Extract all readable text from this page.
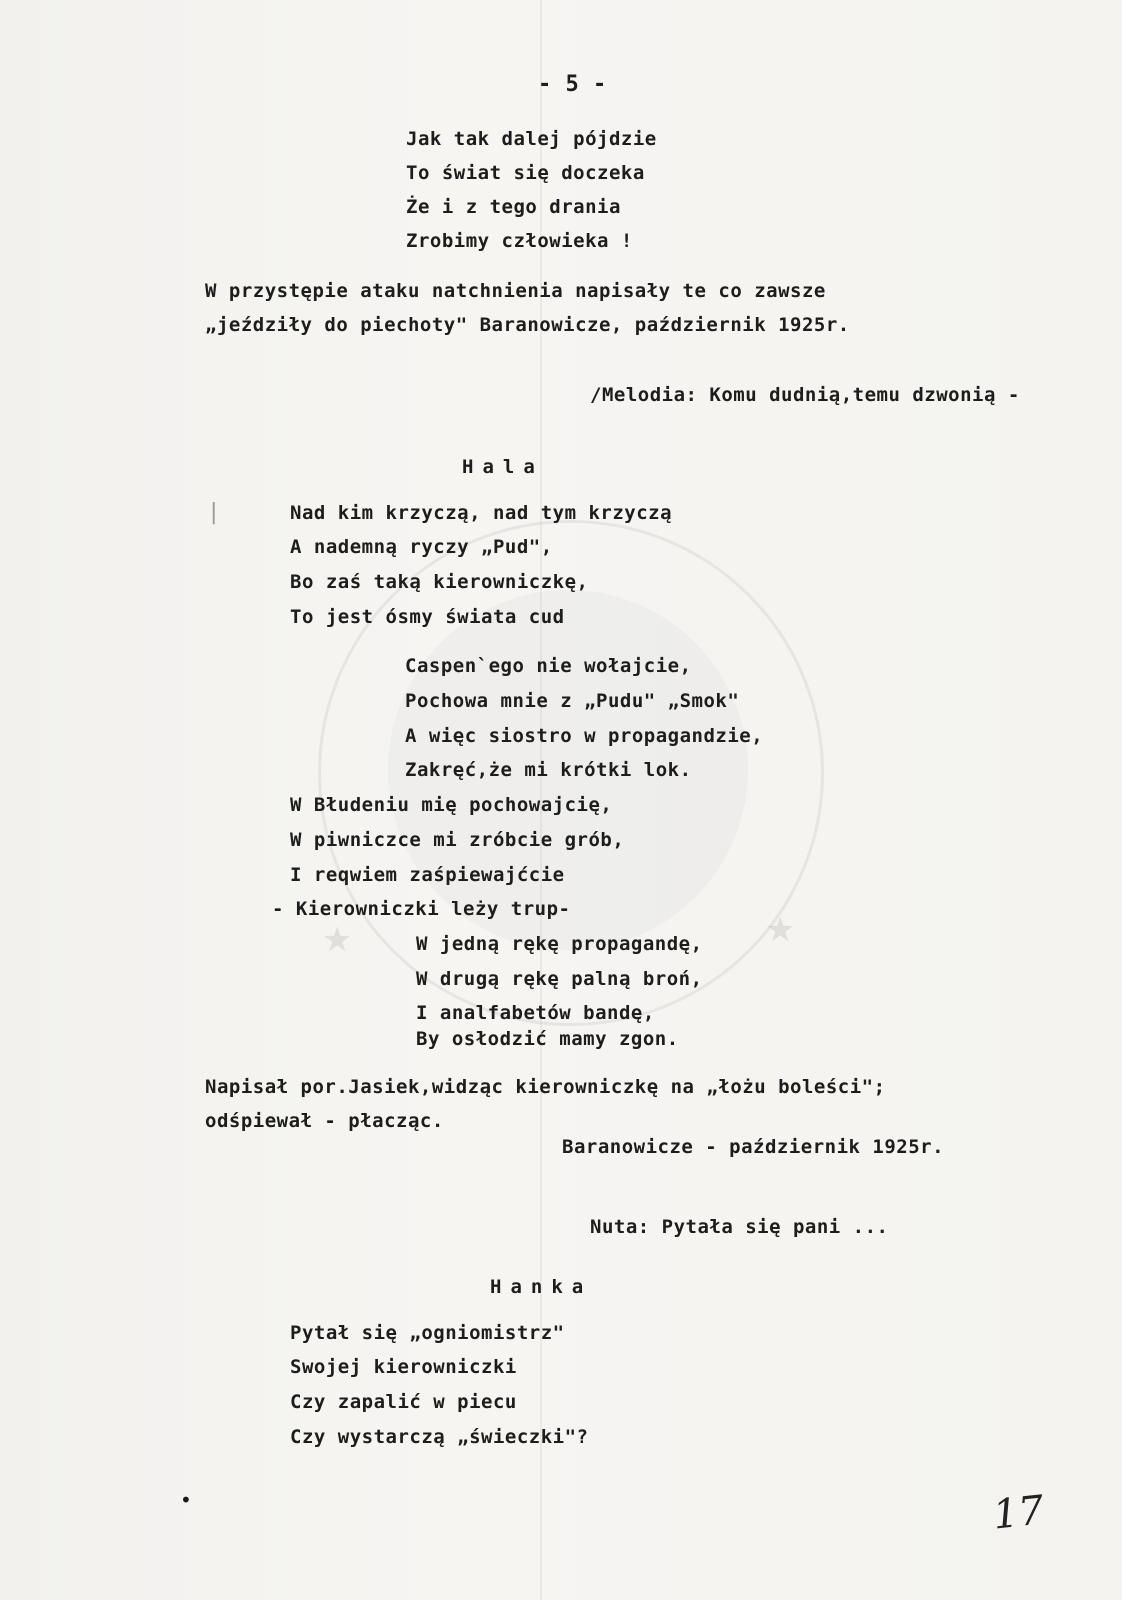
★	★
- 5 -
Jak tak dalej pójdzie
To świat się doczeka
Że i z tego drania
Zrobimy człowieka !
W przystępie ataku natchnienia napisały te co zawsze
„jeździły do piechoty" Baranowicze, październik 1925r.
/Melodia: Komu dudnią,temu dzwonią -
Hala
Nad kim krzyczą, nad tym krzyczą
A nademną ryczy „Pud",
Bo zaś taką kierowniczkę,
To jest ósmy świata cud
Caspen`ego nie wołajcie,
Pochowa mnie z „Pudu" „Smok"
A więc siostro w propagandzie,
Zakręć,że mi krótki lok.
W Błudeniu mię pochowajcię,
W piwniczce mi zróbcie grób,
I reqwiem zaśpiewajćcie
- Kierowniczki leży trup-
W jedną rękę propagandę,
W drugą rękę palną broń,
I analfabetów bandę,
By osłodzić mamy zgon.
Napisał por.Jasiek,widząc kierowniczkę na „łożu boleści";
odśpiewał - płacząc.
Baranowicze - październik 1925r.
Nuta: Pytała się pani ...
Hanka
Pytał się „ogniomistrz"
Swojej kierowniczki
Czy zapalić w piecu
Czy wystarczą „świeczki"?
|
•	17
